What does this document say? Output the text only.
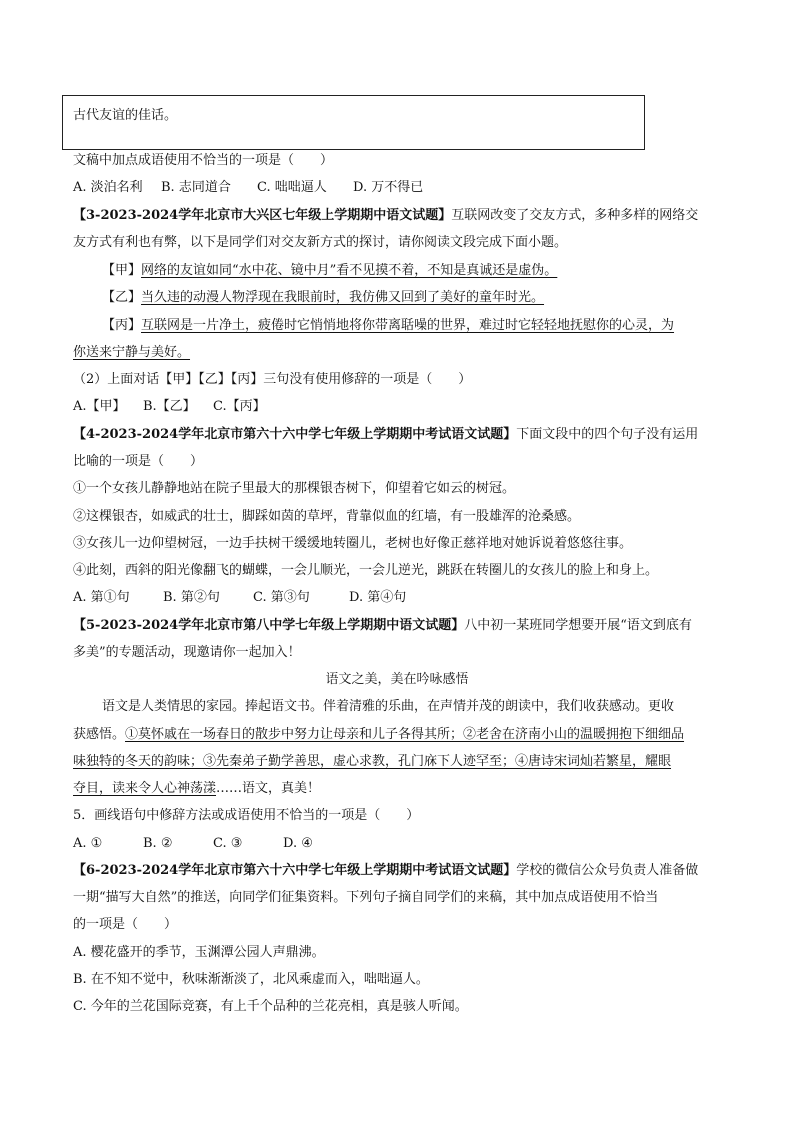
古代友谊的佳话。
文稿中加点成语使用不恰当的一项是（　　）
A. 淡泊名利 B. 志同道合 C. 咄咄逼人 D. 万不得已
【3-2023-2024学年北京市大兴区七年级上学期期中语文试题】互联网改变了交友方式，多种多样的网络交
友方式有利也有弊，以下是同学们对交友新方式的探讨，请你阅读文段完成下面小题。
【甲】网络的友谊如同“水中花、镜中月”看不见摸不着，不知是真诚还是虚伪。
【乙】当久违的动漫人物浮现在我眼前时，我仿佛又回到了美好的童年时光。
【丙】互联网是一片净土，疲倦时它悄悄地将你带离聒噪的世界，难过时它轻轻地抚慰你的心灵，为
你送来宁静与美好。
（2）上面对话【甲】【乙】【丙】三句没有使用修辞的一项是（　　）
A.【甲】 B.【乙】 C.【丙】
【4-2023-2024学年北京市第六十六中学七年级上学期期中考试语文试题】下面文段中的四个句子没有运用
比喻的一项是（　　）
①一个女孩儿静静地站在院子里最大的那棵银杏树下，仰望着它如云的树冠。
②这棵银杏，如威武的壮士，脚踩如茵的草坪，背靠似血的红墙，有一股雄浑的沧桑感。
③女孩儿一边仰望树冠，一边手扶树干缓缓地转圈儿，老树也好像正慈祥地对她诉说着悠悠往事。
④此刻，西斜的阳光像翻飞的蝴蝶，一会儿顺光，一会儿逆光，跳跃在转圈儿的女孩儿的脸上和身上。
A. 第①句	B. 第②句	C. 第③句	D. 第④句
【5-2023-2024学年北京市第八中学七年级上学期期中语文试题】八中初一某班同学想要开展“语文到底有
多美”的专题活动，现邀请你一起加入！
语文之美，美在吟咏感悟
语文是人类情思的家园。捧起语文书。伴着清雅的乐曲，在声情并茂的朗读中，我们收获感动。更收
获感悟。①莫怀戚在一场春日的散步中努力让母亲和儿子各得其所；②老舍在济南小山的温暖拥抱下细细品
味独特的冬天的韵味；③先秦弟子勤学善思，虚心求教，孔门庥下人迹罕至；④唐诗宋词灿若繁星，耀眼
夺目，读来令人心神荡漾……语文，真美！
5．画线语句中修辞方法或成语使用不恰当的一项是（　　）
A. ①	B. ②	C. ③	D. ④
【6-2023-2024学年北京市第六十六中学七年级上学期期中考试语文试题】学校的微信公众号负责人准备做
一期“描写大自然”的推送，向同学们征集资料。下列句子摘自同学们的来稿，其中加点成语使用不恰当
的一项是（　　）
A. 樱花盛开的季节，玉渊潭公园人声鼎沸。
B. 在不知不觉中，秋味渐渐淡了，北风乘虚而入，咄咄逼人。
C. 今年的兰花国际竞赛，有上千个品种的兰花亮相，真是骇人听闻。
